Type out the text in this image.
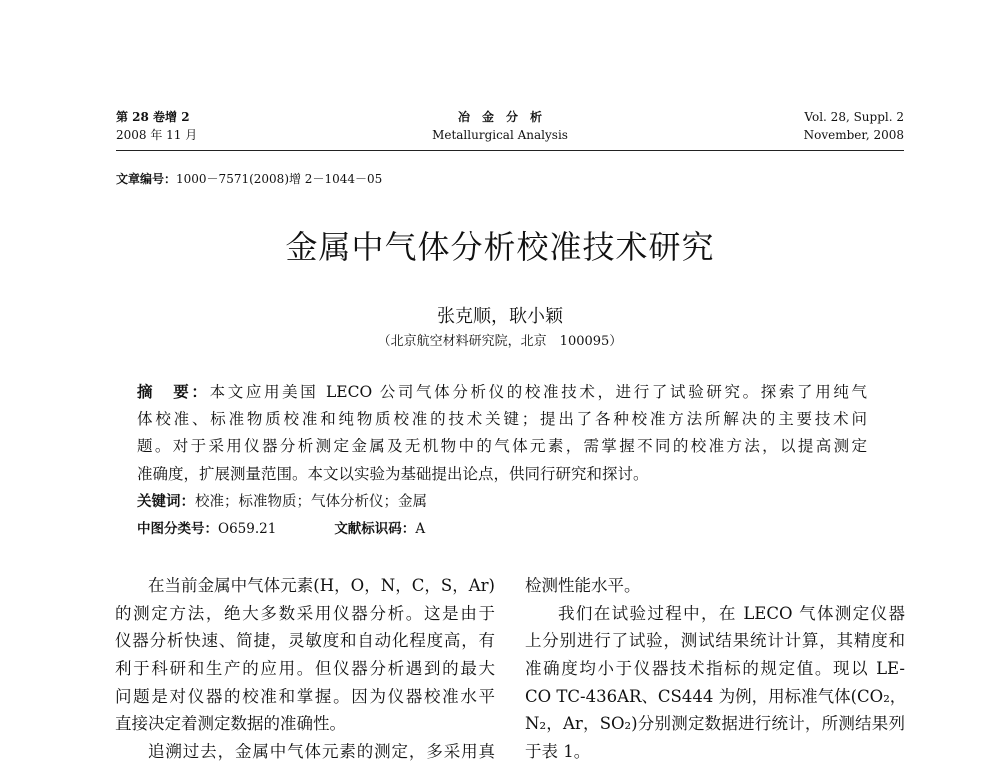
第 28 卷增 2
2008 年 11 月
冶　金　分　析
Metallurgical Analysis
Vol. 28, Suppl. 2
November, 2008
文章编号：1000－7571(2008)增 2－1044－05
金属中气体分析校准技术研究
张克顺，耿小颖
（北京航空材料研究院，北京　100095）
摘　要：本文应用美国 LECO 公司气体分析仪的校准技术，进行了试验研究。探索了用纯气
体校准、标准物质校准和纯物质校准的技术关键；提出了各种校准方法所解决的主要技术问
题。对于采用仪器分析测定金属及无机物中的气体元素，需掌握不同的校准方法，以提高测定
准确度，扩展测量范围。本文以实验为基础提出论点，供同行研究和探讨。
关键词：校准；标准物质；气体分析仪；金属
中图分类号：O659.21	文献标识码：A
在当前金属中气体元素(H，O，N，C，S，Ar)
的测定方法，绝大多数采用仪器分析。这是由于
仪器分析快速、简捷，灵敏度和自动化程度高，有
利于科研和生产的应用。但仪器分析遇到的最大
问题是对仪器的校准和掌握。因为仪器校准水平
直接决定着测定数据的准确性。
追溯过去，金属中气体元素的测定，多采用真
检测性能水平。
我们在试验过程中，在 LECO 气体测定仪器
上分别进行了试验，测试结果统计计算，其精度和
准确度均小于仪器技术指标的规定值。现以 LE-
CO TC-436AR、CS444 为例，用标准气体(CO₂，
N₂，Ar，SO₂)分别测定数据进行统计，所测结果列
于表 1。
